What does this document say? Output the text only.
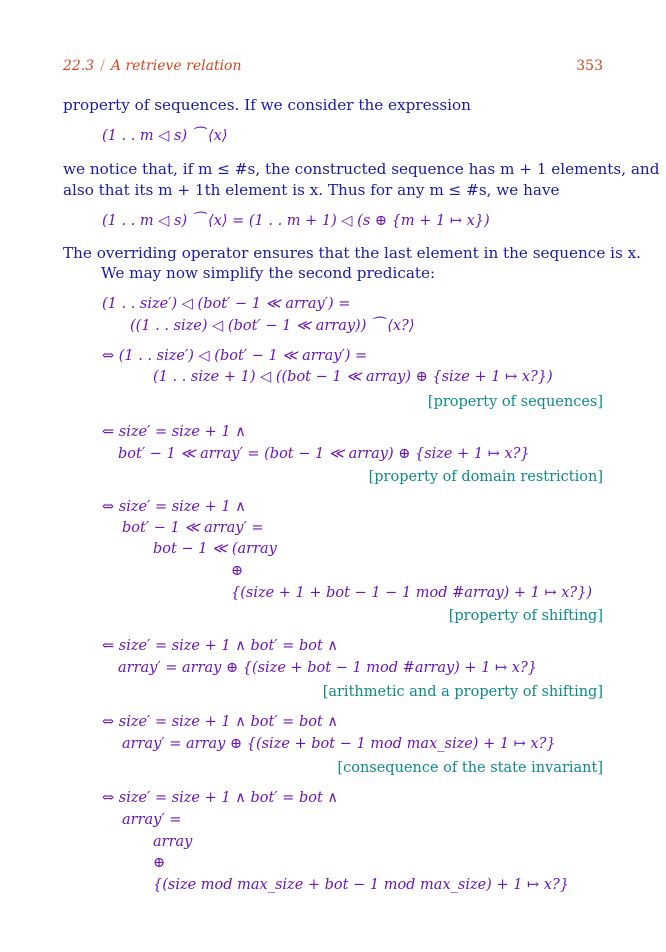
22.3 / A retrieve relation	353
property of sequences. If we consider the expression
(1 . . m ◁ s) ⁀ ⟨x⟩
we notice that, if m ≤ #s, the constructed sequence has m + 1 elements, and
also that its m + 1th element is x. Thus for any m ≤ #s, we have
(1 . . m ◁ s) ⁀ ⟨x⟩ = (1 . . m + 1) ◁ (s ⊕ {m + 1 ↦ x})
The overriding operator ensures that the last element in the sequence is x.
We may now simplify the second predicate:
(1 . . size′) ◁ (bot′ − 1 ≪ array′) =
((1 . . size) ◁ (bot′ − 1 ≪ array)) ⁀ ⟨x?⟩
⇔ (1 . . size′) ◁ (bot′ − 1 ≪ array′) =
(1 . . size + 1) ◁ ((bot − 1 ≪ array) ⊕ {size + 1 ↦ x?})
[property of sequences]
⇐ size′ = size + 1 ∧
bot′ − 1 ≪ array′ = (bot − 1 ≪ array) ⊕ {size + 1 ↦ x?}
[property of domain restriction]
⇔ size′ = size + 1 ∧
bot′ − 1 ≪ array′ =
bot − 1 ≪ (array
⊕
{(size + 1 + bot − 1 − 1 mod #array) + 1 ↦ x?})
[property of shifting]
⇐ size′ = size + 1 ∧ bot′ = bot ∧
array′ = array ⊕ {(size + bot − 1 mod #array) + 1 ↦ x?}
[arithmetic and a property of shifting]
⇔ size′ = size + 1 ∧ bot′ = bot ∧
array′ = array ⊕ {(size + bot − 1 mod max_size) + 1 ↦ x?}
[consequence of the state invariant]
⇔ size′ = size + 1 ∧ bot′ = bot ∧
array′ =
array
⊕
{(size mod max_size + bot − 1 mod max_size) + 1 ↦ x?}
